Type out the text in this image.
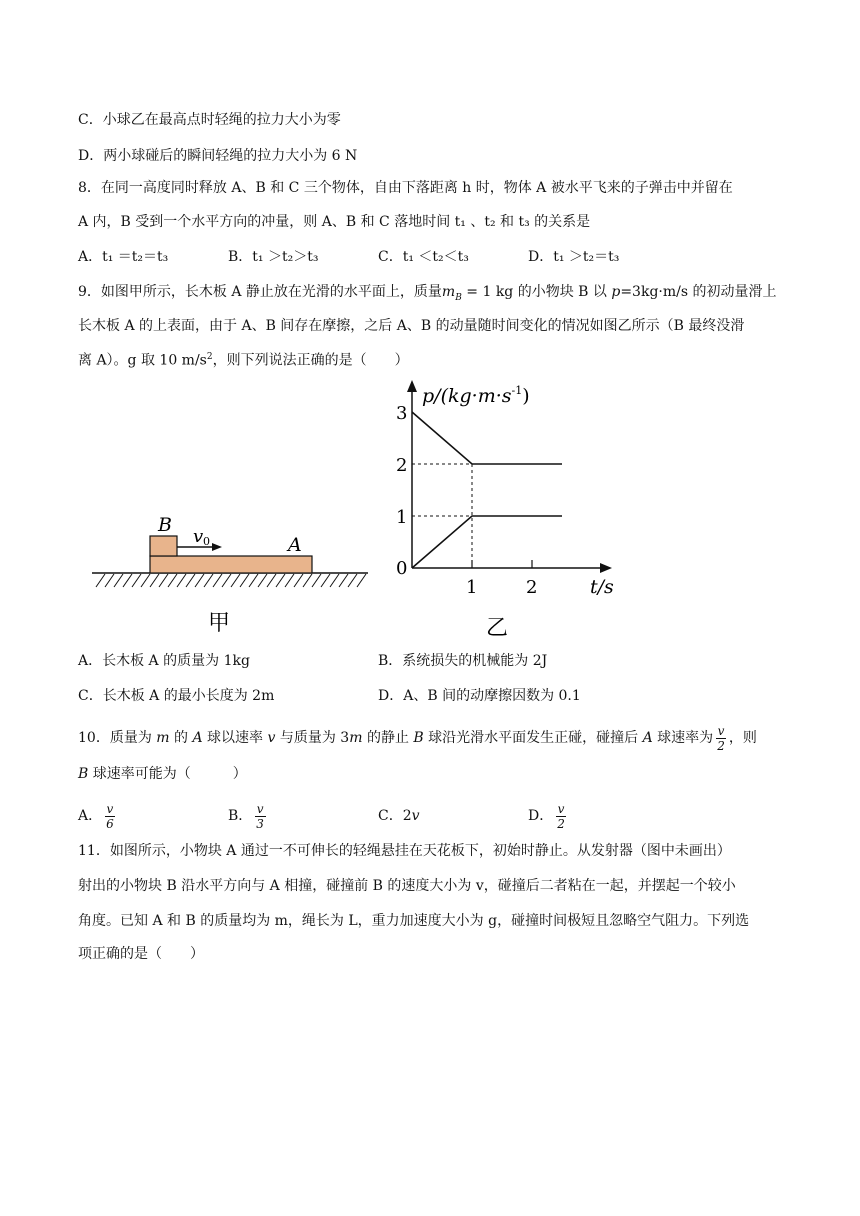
C．小球乙在最高点时轻绳的拉力大小为零
D．两小球碰后的瞬间轻绳的拉力大小为 6 N
8．在同一高度同时释放 A、B 和 C 三个物体，自由下落距离 h 时，物体 A 被水平飞来的子弹击中并留在
A 内，B 受到一个水平方向的冲量，则 A、B 和 C 落地时间 t₁ 、t₂ 和 t₃ 的关系是
A．t₁ ＝t₂＝t₃	B．t₁ ＞t₂＞t₃	C．t₁ ＜t₂＜t₃	D．t₁ ＞t₂＝t₃
9．如图甲所示，长木板 A 静止放在光滑的水平面上，质量$m_B = 1$ kg 的小物块 B 以 p=3kg·m/s 的初动量滑上
长木板 A 的上表面，由于 A、B 间存在摩擦，之后 A、B 的动量随时间变化的情况如图乙所示（B 最终没滑
离 A）。g 取 10 $m/s^2$，则下列说法正确的是（　　）
B
v 0	A
甲
1
2
3
1	2
$p/(kg\cdot m\cdot s^{-1})$
t/s
0
乙
A．长木板 A 的质量为 1kg	B．系统损失的机械能为 2J
C．长木板 A 的最小长度为 2m	D．A、B 间的动摩擦因数为 0.1
10．质量为 m 的 A 球以速率 v 与质量为 3m 的静止 B 球沿光滑水平面发生正碰，碰撞后 A 球速率为 $\frac{v}{2}$ ，则
B 球速率可能为（　　　）
A． $\frac{v}{6}$	B． $\frac{v}{3}$	C．2v	D． $\frac{v}{2}$
11．如图所示，小物块 A 通过一不可伸长的轻绳悬挂在天花板下，初始时静止。从发射器（图中未画出）
射出的小物块 B 沿水平方向与 A 相撞，碰撞前 B 的速度大小为 v，碰撞后二者粘在一起，并摆起一个较小
角度。已知 A 和 B 的质量均为 m，绳长为 L，重力加速度大小为 g，碰撞时间极短且忽略空气阻力。下列选
项正确的是（　　）
